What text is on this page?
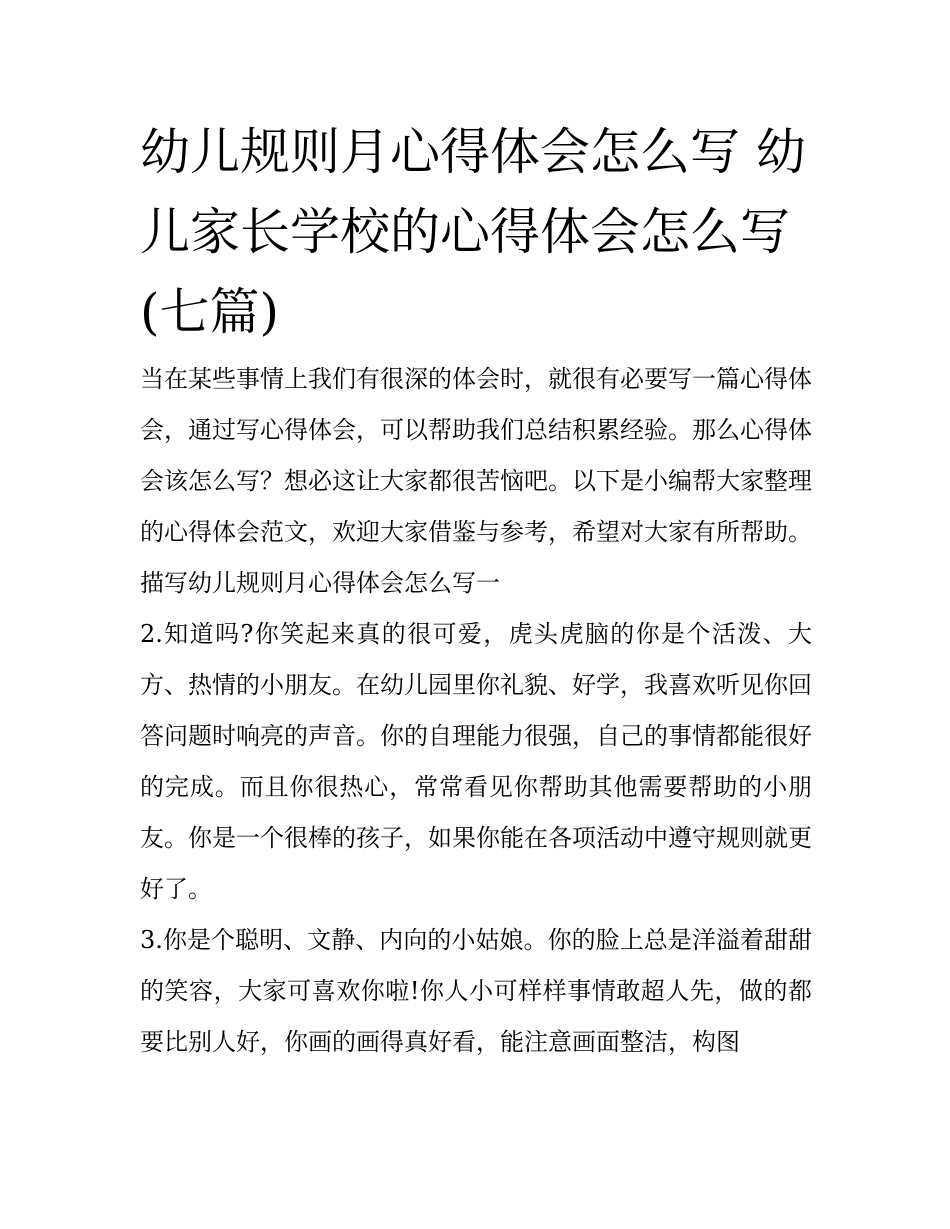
幼儿规则月心得体会怎么写 幼儿家长学校的心得体会怎么写(七篇)

当在某些事情上我们有很深的体会时，就很有必要写一篇心得体会，通过写心得体会，可以帮助我们总结积累经验。那么心得体会该怎么写？想必这让大家都很苦恼吧。以下是小编帮大家整理的心得体会范文，欢迎大家借鉴与参考，希望对大家有所帮助。

描写幼儿规则月心得体会怎么写一

2.知道吗?你笑起来真的很可爱，虎头虎脑的你是个活泼、大方、热情的小朋友。在幼儿园里你礼貌、好学，我喜欢听见你回答问题时响亮的声音。你的自理能力很强，自己的事情都能很好的完成。而且你很热心，常常看见你帮助其他需要帮助的小朋友。你是一个很棒的孩子，如果你能在各项活动中遵守规则就更好了。

3.你是个聪明、文静、内向的小姑娘。你的脸上总是洋溢着甜甜的笑容，大家可喜欢你啦!你人小可样样事情敢超人先，做的都要比别人好，你画的画得真好看，能注意画面整洁，构图
